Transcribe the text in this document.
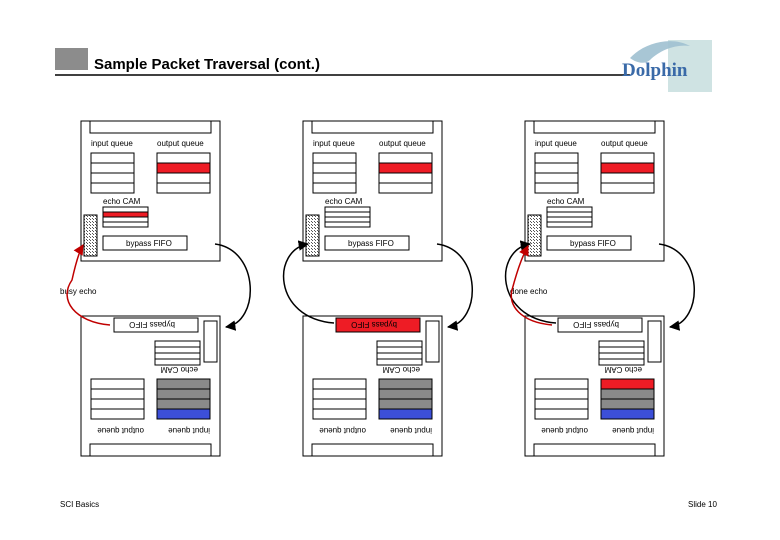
Dolphin
input queue	output queue
echo CAM
bypass FIFO
bypass FIFO
echo CAM
output queue	input queue
busy echo
input queue	output queue
echo CAM
bypass FIFO
bypass FIFO
echo CAM
output queue	input queue
input queue	output queue
echo CAM
bypass FIFO
bypass FIFO
echo CAM
output queue	input queue
done echo
Sample Packet Traversal (cont.)
SCI Basics	Slide 10
